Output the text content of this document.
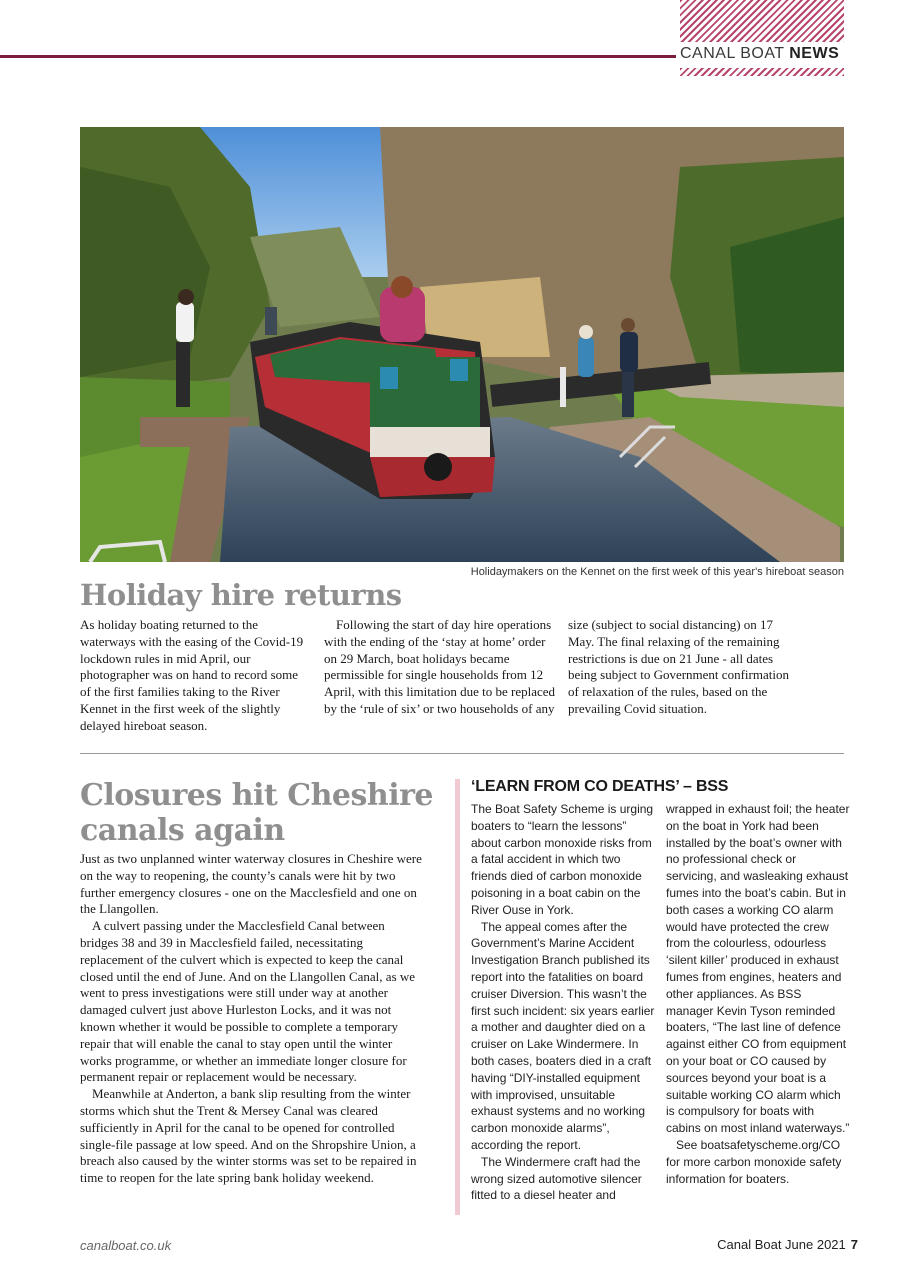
CANAL BOAT NEWS
Holidaymakers on the Kennet on the first week of this year's hireboat season
Holiday hire returns

As holiday boating returned to the waterways with the easing of the Covid-19 lockdown rules in mid April, our photographer was on hand to record some of the first families taking to the River Kennet in the first week of the slightly delayed hireboat season.

Following the start of day hire operations with the ending of the ‘stay at home’ order on 29 March, boat holidays became permissible for single households from 12 April, with this limitation due to be replaced by the ‘rule of six’ or two households of any

size (subject to social distancing) on 17 May. The final relaxing of the remaining restrictions is due on 21 June - all dates being subject to Government confirmation of relaxation of the rules, based on the prevailing Covid situation.

Closures hit Cheshire canals again

Just as two unplanned winter waterway closures in Cheshire were on the way to reopening, the county’s canals were hit by two further emergency closures - one on the Macclesfield and one on the Llangollen.

A culvert passing under the Macclesfield Canal between bridges 38 and 39 in Macclesfield failed, necessitating replacement of the culvert which is expected to keep the canal closed until the end of June. And on the Llangollen Canal, as we went to press investigations were still under way at another damaged culvert just above Hurleston Locks, and it was not known whether it would be possible to complete a temporary repair that will enable the canal to stay open until the winter works programme, or whether an immediate longer closure for permanent repair or replacement would be necessary.

Meanwhile at Anderton, a bank slip resulting from the winter storms which shut the Trent & Mersey Canal was cleared sufficiently in April for the canal to be opened for controlled single-file passage at low speed. And on the Shropshire Union, a breach also caused by the winter storms was set to be repaired in time to reopen for the late spring bank holiday weekend.

‘LEARN FROM CO DEATHS’ – BSS

The Boat Safety Scheme is urging boaters to “learn the lessons” about carbon monoxide risks from a fatal accident in which two friends died of carbon monoxide poisoning in a boat cabin on the River Ouse in York.

The appeal comes after the Government’s Marine Accident Investigation Branch published its report into the fatalities on board cruiser Diversion. This wasn’t the first such incident: six years earlier a mother and daughter died on a cruiser on Lake Windermere. In both cases, boaters died in a craft having “DIY-installed equipment with improvised, unsuitable exhaust systems and no working carbon monoxide alarms”, according the report.

The Windermere craft had the wrong sized automotive silencer fitted to a diesel heater and

wrapped in exhaust foil; the heater on the boat in York had been installed by the boat’s owner with no professional check or servicing, and wasleaking exhaust fumes into the boat’s cabin. But in both cases a working CO alarm would have protected the crew from the colourless, odourless ‘silent killer’ produced in exhaust fumes from engines, heaters and other appliances. As BSS manager Kevin Tyson reminded boaters, “The last line of defence against either CO from equipment on your boat or CO caused by sources beyond your boat is a suitable working CO alarm which is compulsory for boats with cabins on most inland waterways.”

See boatsafetyscheme.org/CO for more carbon monoxide safety information for boaters.

canalboat.co.uk	Canal Boat June 2021 7
